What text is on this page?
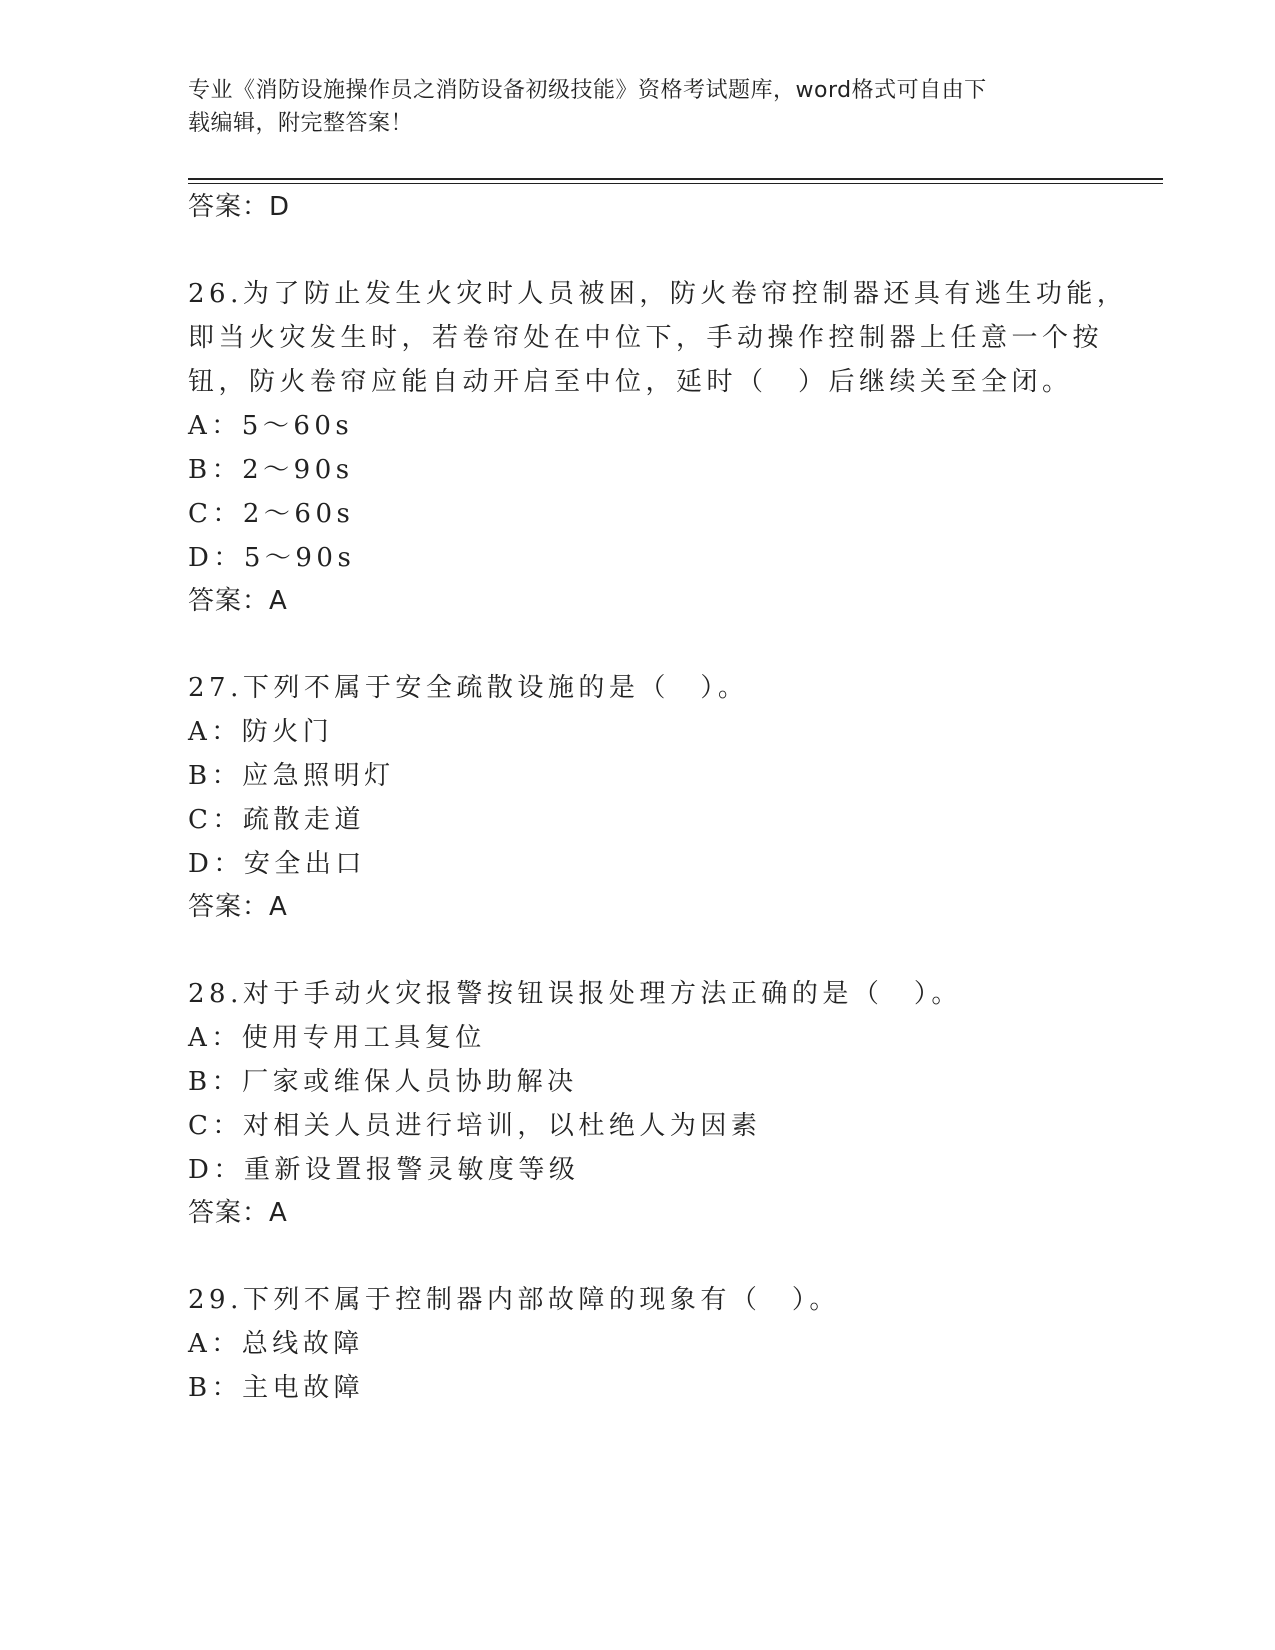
专业《消防设施操作员之消防设备初级技能》资格考试题库，word格式可自由下
载编辑，附完整答案！
答案：D
26.为了防止发生火灾时人员被困，防火卷帘控制器还具有逃生功能，
即当火灾发生时，若卷帘处在中位下，手动操作控制器上任意一个按
钮，防火卷帘应能自动开启至中位，延时（　）后继续关至全闭。
A：5～60s
B：2～90s
C：2～60s
D：5～90s
答案：A
27.下列不属于安全疏散设施的是（　）。
A：防火门
B：应急照明灯
C：疏散走道
D：安全出口
答案：A
28.对于手动火灾报警按钮误报处理方法正确的是（　）。
A：使用专用工具复位
B：厂家或维保人员协助解决
C：对相关人员进行培训，以杜绝人为因素
D：重新设置报警灵敏度等级
答案：A
29.下列不属于控制器内部故障的现象有（　）。
A：总线故障
B：主电故障
